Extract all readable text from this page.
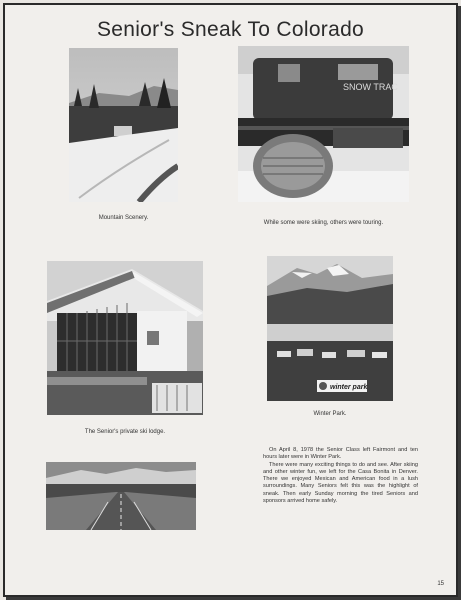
Senior's Sneak To Colorado
Mountain Scenery.
SNOW TRAC
While some were skiing, others were touring.
The Senior's private ski lodge.
winter park
Winter Park.

On April 8, 1978 the Senior Class left Fairmont and ten hours later were in Winter Park.

There were many exciting things to do and see. After skiing and other winter fun, we left for the Casa Bonita in Denver. There we enjoyed Mexican and American food in a lush surroundings. Many Seniors felt this was the highlight of sneak. Then early Sunday morning the tired Seniors and sponsors arrived home safely.

15
